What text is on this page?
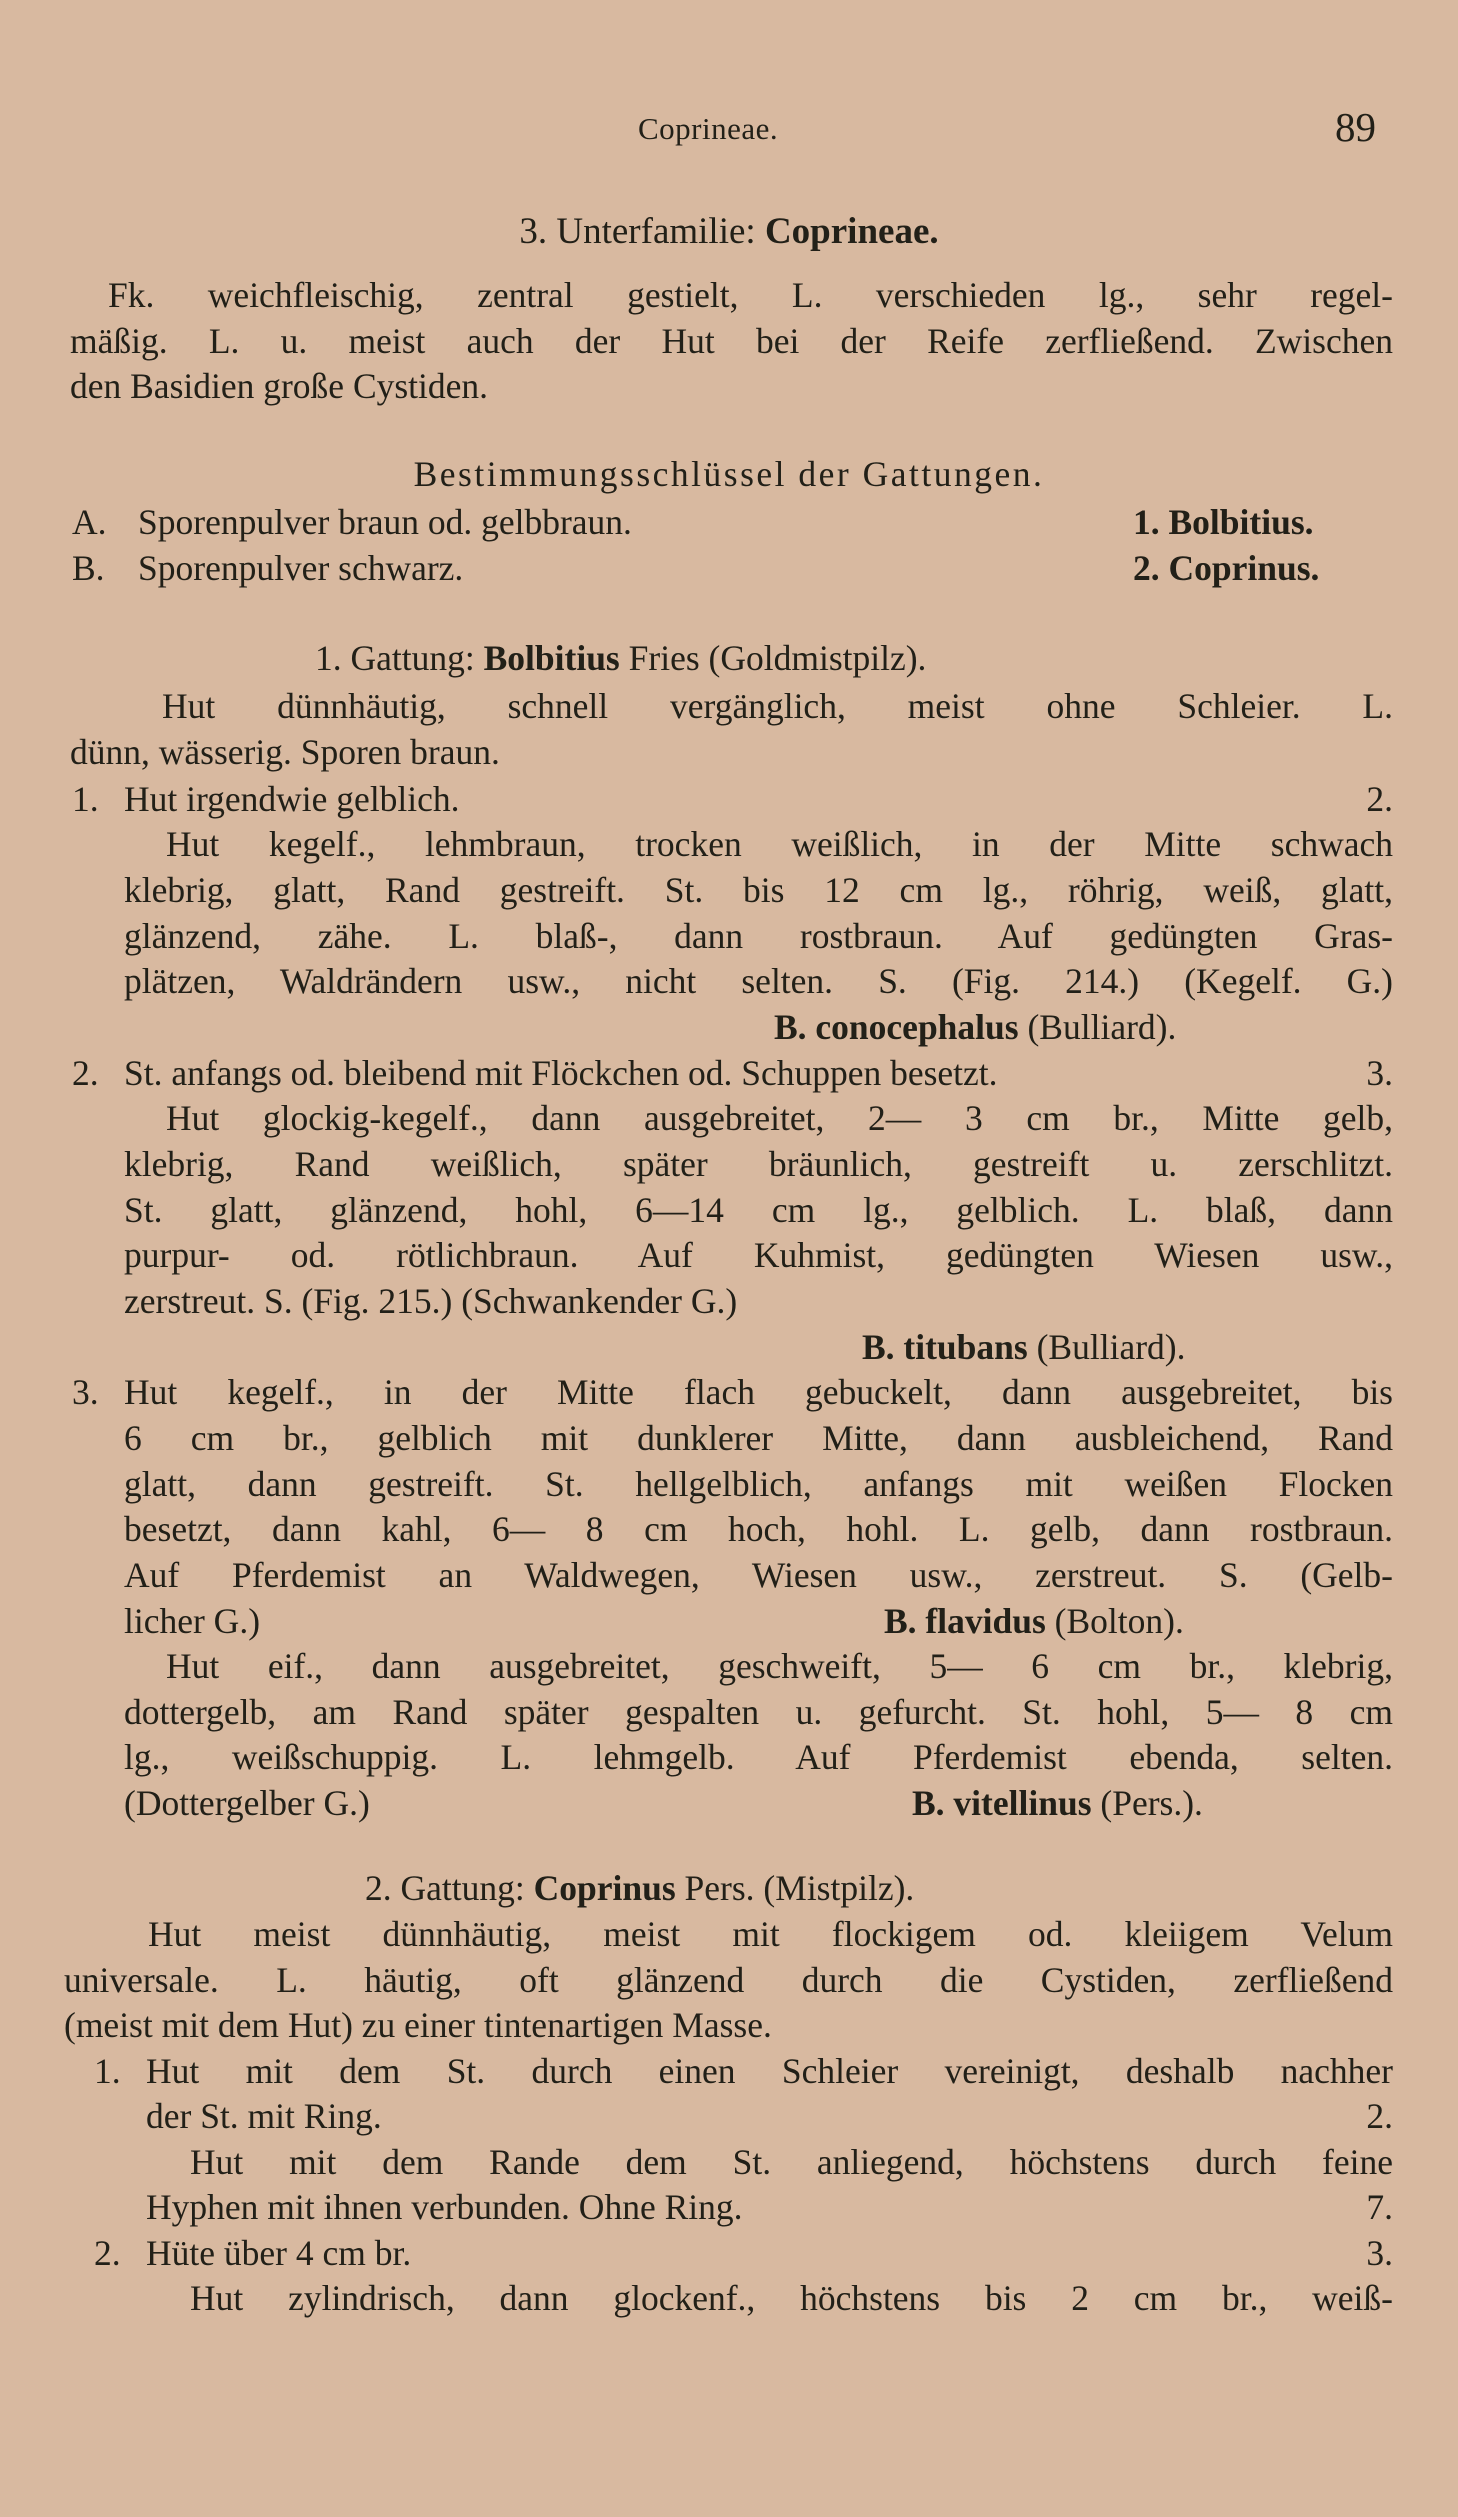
Coprineae.	89
3. Unterfamilie: Coprineae.
Fk. weichfleischig, zentral gestielt, L. verschieden lg., sehr regel-
mäßig. L. u. meist auch der Hut bei der Reife zerfließend. Zwischen
den Basidien große Cystiden.
Bestimmungsschlüssel der Gattungen.
A. Sporenpulver braun od. gelbbraun.	1. Bolbitius.
B. Sporenpulver schwarz.	2. Coprinus.
1. Gattung: Bolbitius Fries (Goldmistpilz).
Hut dünnhäutig, schnell vergänglich, meist ohne Schleier. L.
dünn, wässerig. Sporen braun.
1. Hut irgendwie gelblich.	2.
Hut kegelf., lehmbraun, trocken weißlich, in der Mitte schwach
klebrig, glatt, Rand gestreift. St. bis 12 cm lg., röhrig, weiß, glatt,
glänzend, zähe. L. blaß-, dann rostbraun. Auf gedüngten Gras-
plätzen, Waldrändern usw., nicht selten. S. (Fig. 214.) (Kegelf. G.)
B. conocephalus (Bulliard).
2. St. anfangs od. bleibend mit Flöckchen od. Schuppen besetzt.	3.
Hut glockig-kegelf., dann ausgebreitet, 2— 3 cm br., Mitte gelb,
klebrig, Rand weißlich, später bräunlich, gestreift u. zerschlitzt.
St. glatt, glänzend, hohl, 6—14 cm lg., gelblich. L. blaß, dann
purpur- od. rötlichbraun. Auf Kuhmist, gedüngten Wiesen usw.,
zerstreut. S. (Fig. 215.) (Schwankender G.)
B. titubans (Bulliard).
3. Hut kegelf., in der Mitte flach gebuckelt, dann ausgebreitet, bis
6 cm br., gelblich mit dunklerer Mitte, dann ausbleichend, Rand
glatt, dann gestreift. St. hellgelblich, anfangs mit weißen Flocken
besetzt, dann kahl, 6— 8 cm hoch, hohl. L. gelb, dann rostbraun.
Auf Pferdemist an Waldwegen, Wiesen usw., zerstreut. S. (Gelb-
licher G.)	B. flavidus (Bolton).
Hut eif., dann ausgebreitet, geschweift, 5— 6 cm br., klebrig,
dottergelb, am Rand später gespalten u. gefurcht. St. hohl, 5— 8 cm
lg., weißschuppig. L. lehmgelb. Auf Pferdemist ebenda, selten.
(Dottergelber G.)	B. vitellinus (Pers.).
2. Gattung: Coprinus Pers. (Mistpilz).
Hut meist dünnhäutig, meist mit flockigem od. kleiigem Velum
universale. L. häutig, oft glänzend durch die Cystiden, zerfließend
(meist mit dem Hut) zu einer tintenartigen Masse.
1. Hut mit dem St. durch einen Schleier vereinigt, deshalb nachher
der St. mit Ring.	2.
Hut mit dem Rande dem St. anliegend, höchstens durch feine
Hyphen mit ihnen verbunden. Ohne Ring.	7.
2. Hüte über 4 cm br.	3.
Hut zylindrisch, dann glockenf., höchstens bis 2 cm br., weiß-
